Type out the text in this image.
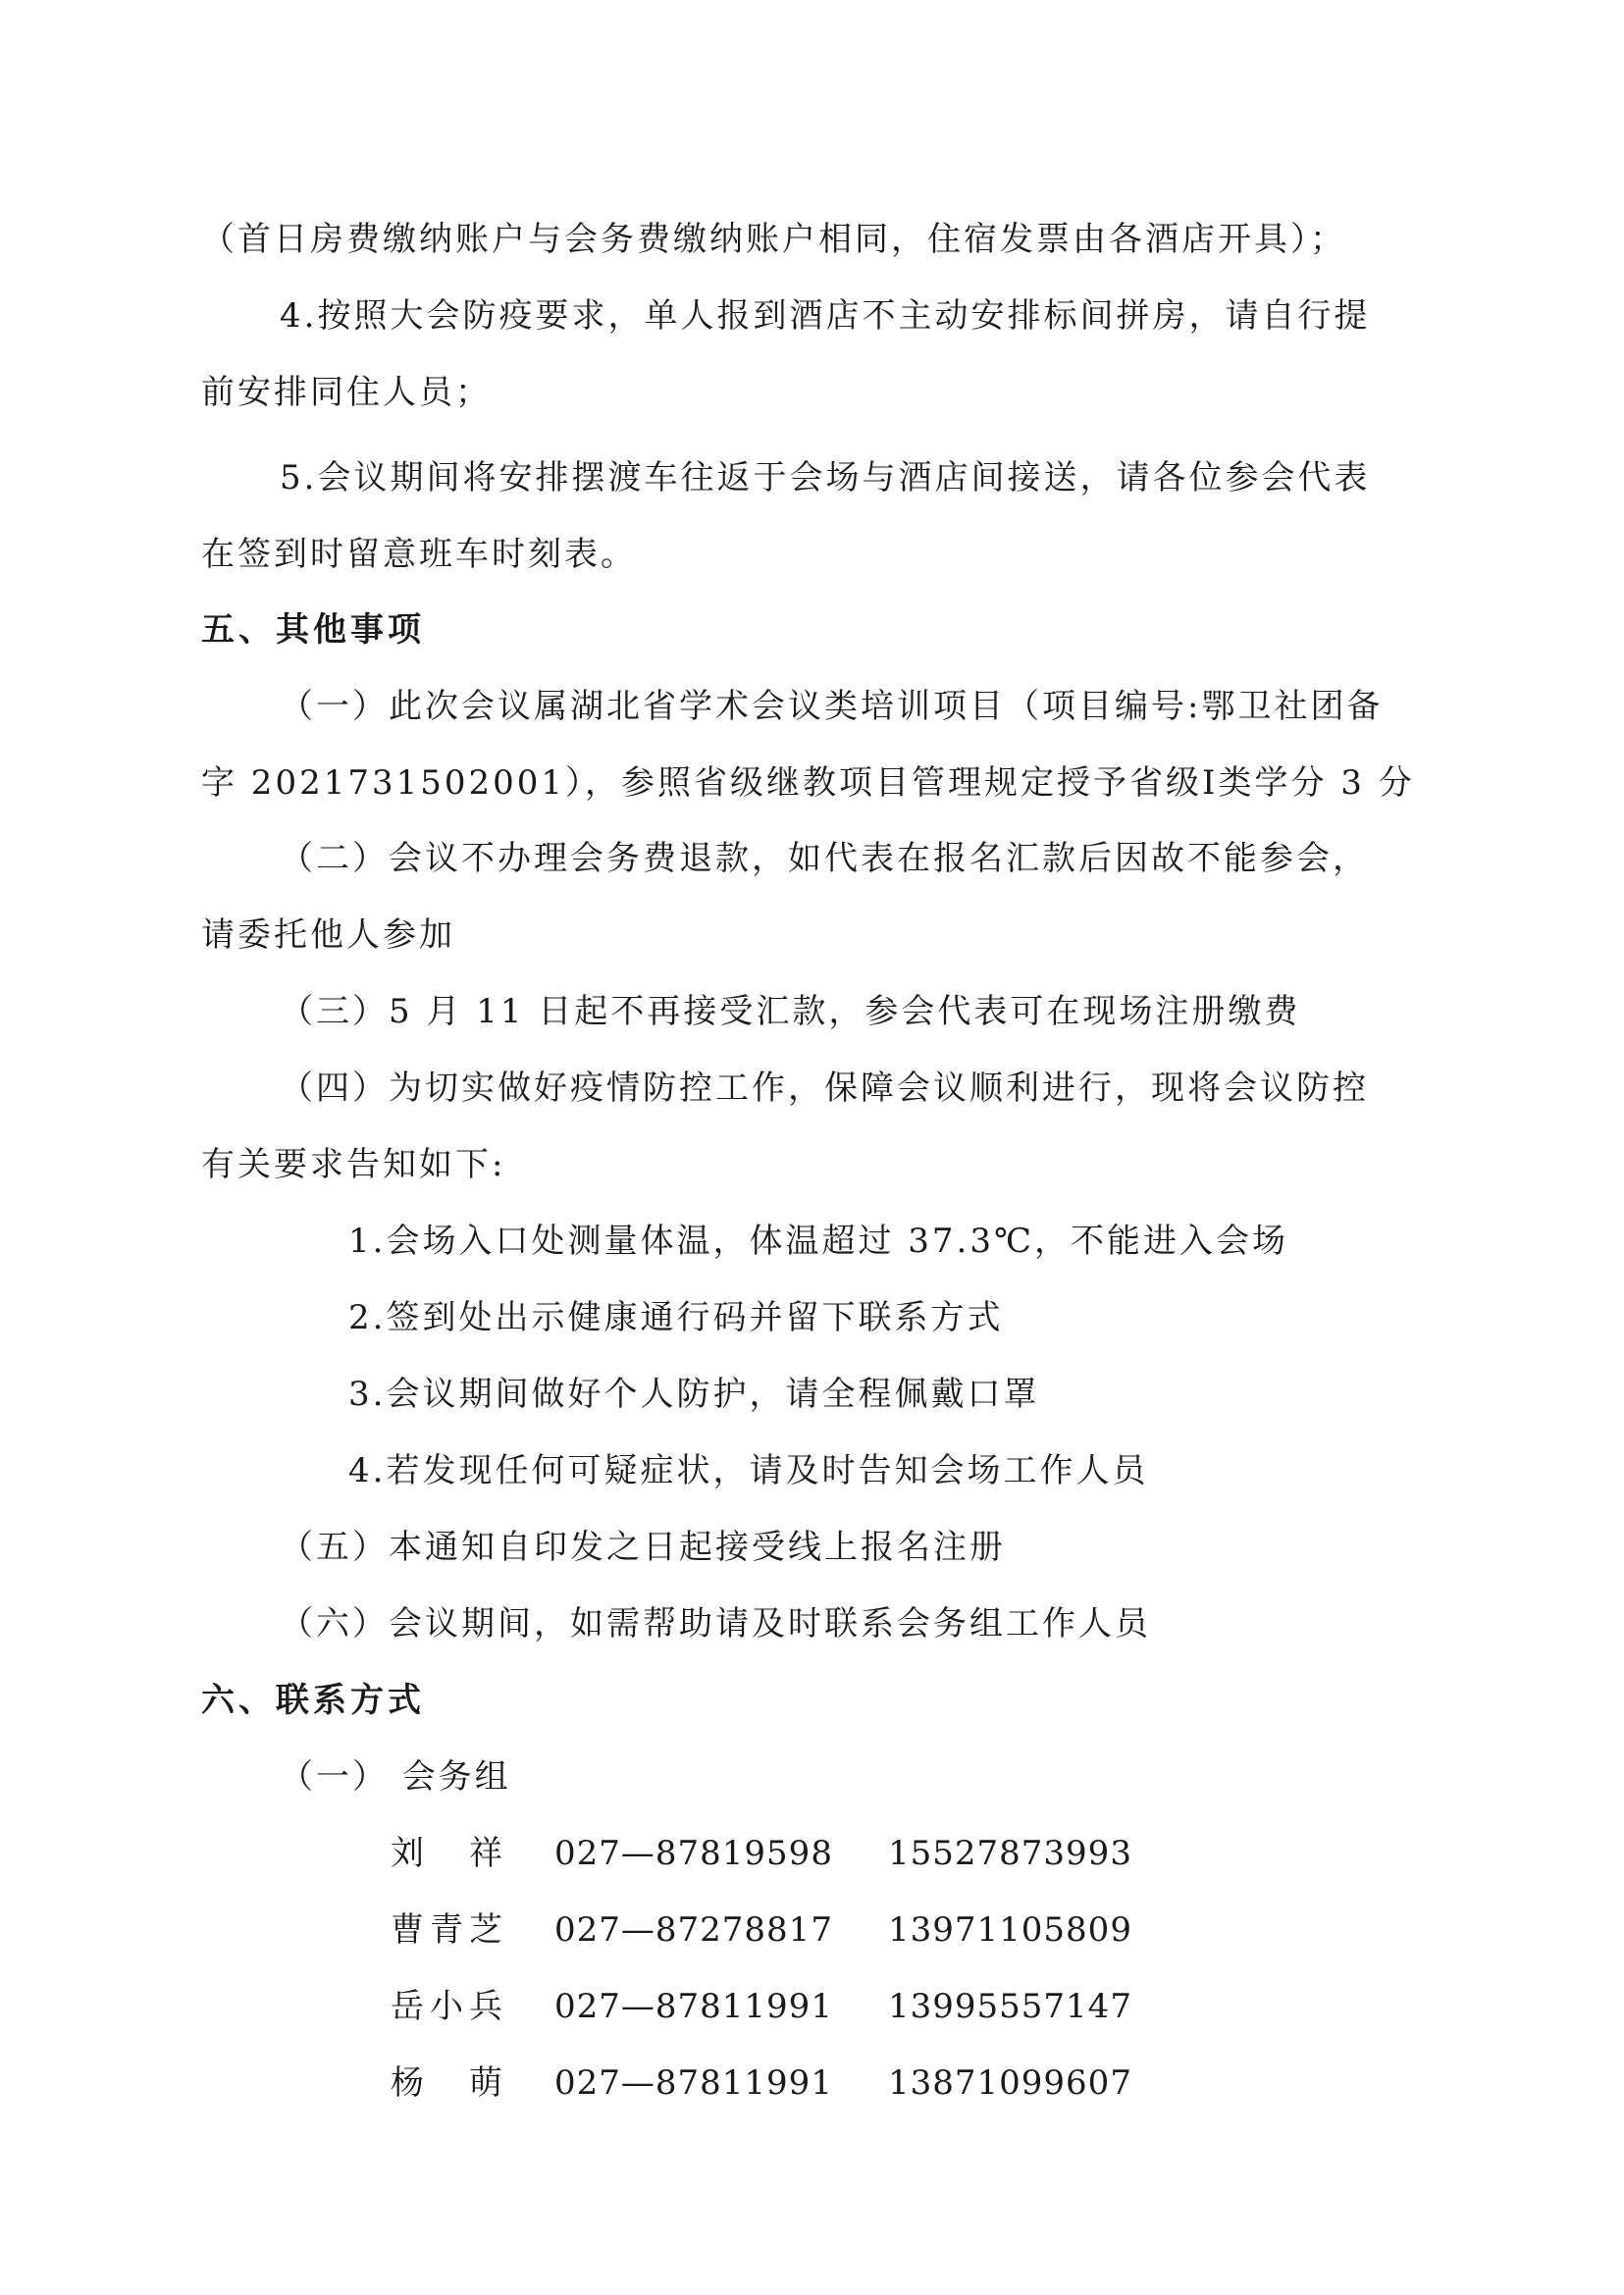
（首日房费缴纳账户与会务费缴纳账户相同，住宿发票由各酒店开具）；
4.按照大会防疫要求，单人报到酒店不主动安排标间拼房，请自行提
前安排同住人员；
5.会议期间将安排摆渡车往返于会场与酒店间接送，请各位参会代表
在签到时留意班车时刻表。
五、其他事项
（一）此次会议属湖北省学术会议类培训项目（项目编号:鄂卫社团备
字 2021731502001），参照省级继教项目管理规定授予省级Ⅰ类学分 3 分
（二）会议不办理会务费退款，如代表在报名汇款后因故不能参会，
请委托他人参加
（三）5 月 11 日起不再接受汇款，参会代表可在现场注册缴费
（四）为切实做好疫情防控工作，保障会议顺利进行，现将会议防控
有关要求告知如下:
1.会场入口处测量体温，体温超过 37.3℃，不能进入会场
2.签到处出示健康通行码并留下联系方式
3.会议期间做好个人防护，请全程佩戴口罩
4.若发现任何可疑症状，请及时告知会场工作人员
（五）本通知自印发之日起接受线上报名注册
（六）会议期间，如需帮助请及时联系会务组工作人员
六、联系方式
（一） 会务组
刘　祥 027—87819598 15527873993
曹青芝 027—87278817 13971105809
岳小兵 027—87811991 13995557147
杨　萌 027—87811991 13871099607
